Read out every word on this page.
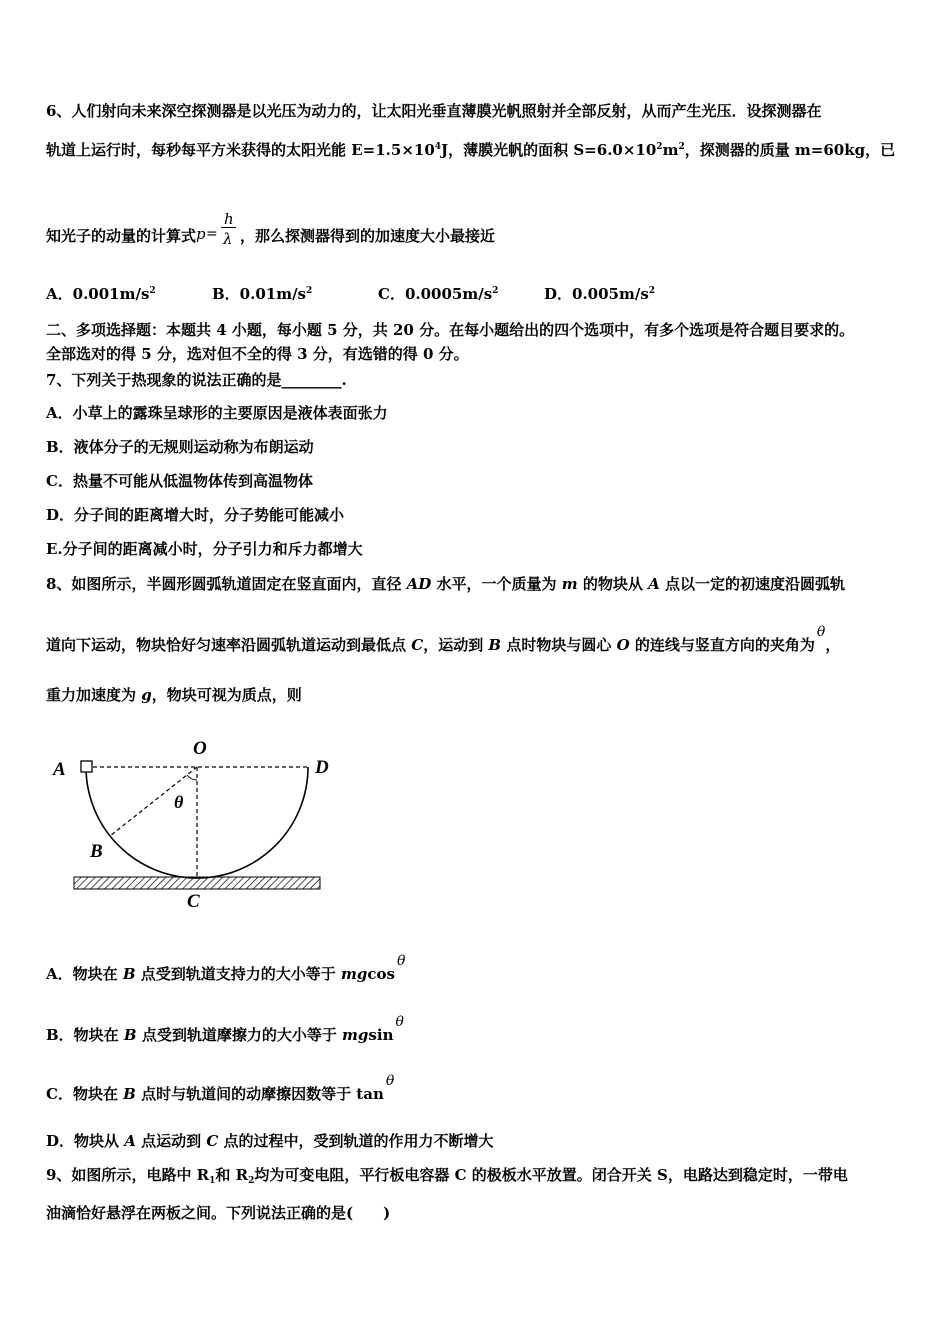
6、人们射向未来深空探测器是以光压为动力的，让太阳光垂直薄膜光帆照射并全部反射，从而产生光压．设探测器在
轨道上运行时，每秒每平方米获得的太阳光能 $E=1.5\times 10^4J$，薄膜光帆的面积 $S=6.0\times 10^2m^2$，探测器的质量 m=60kg，已
知光子的动量的计算式 p =
h
λ ，那么探测器得到的加速度大小最接近
A．$0.001m/s^2$	B．$0.01m/s^2$	C．$0.0005m/s^2$	D．$0.005m/s^2$
二、多项选择题：本题共 4 小题，每小题 5 分，共 20 分。在每小题给出的四个选项中，有多个选项是符合题目要求的。
全部选对的得 5 分，选对但不全的得 3 分，有选错的得 0 分。
7、下列关于热现象的说法正确的是________.
A．小草上的露珠呈球形的主要原因是液体表面张力
B．液体分子的无规则运动称为布朗运动
C．热量不可能从低温物体传到高温物体
D．分子间的距离增大时，分子势能可能减小
E.分子间的距离减小时，分子引力和斥力都增大
8、如图所示，半圆形圆弧轨道固定在竖直面内，直径 AD 水平，一个质量为 m 的物块从 A 点以一定的初速度沿圆弧轨
道向下运动，物块恰好匀速率沿圆弧轨道运动到最低点 C，运动到 B 点时物块与圆心 O 的连线与竖直方向的夹角为θ，
重力加速度为 g，物块可视为质点，则
A
O
D
θ
B
C
A．物块在 B 点受到轨道支持力的大小等于 mgcosθ
B．物块在 B 点受到轨道摩擦力的大小等于 mgsinθ
C．物块在 B 点时与轨道间的动摩擦因数等于 tanθ
D．物块从 A 点运动到 C 点的过程中，受到轨道的作用力不断增大
9、如图所示，电路中 $R_1$和 $R_2$均为可变电阻，平行板电容器 C 的极板水平放置。闭合开关 S，电路达到稳定时，一带电
油滴恰好悬浮在两板之间。下列说法正确的是(　　)
